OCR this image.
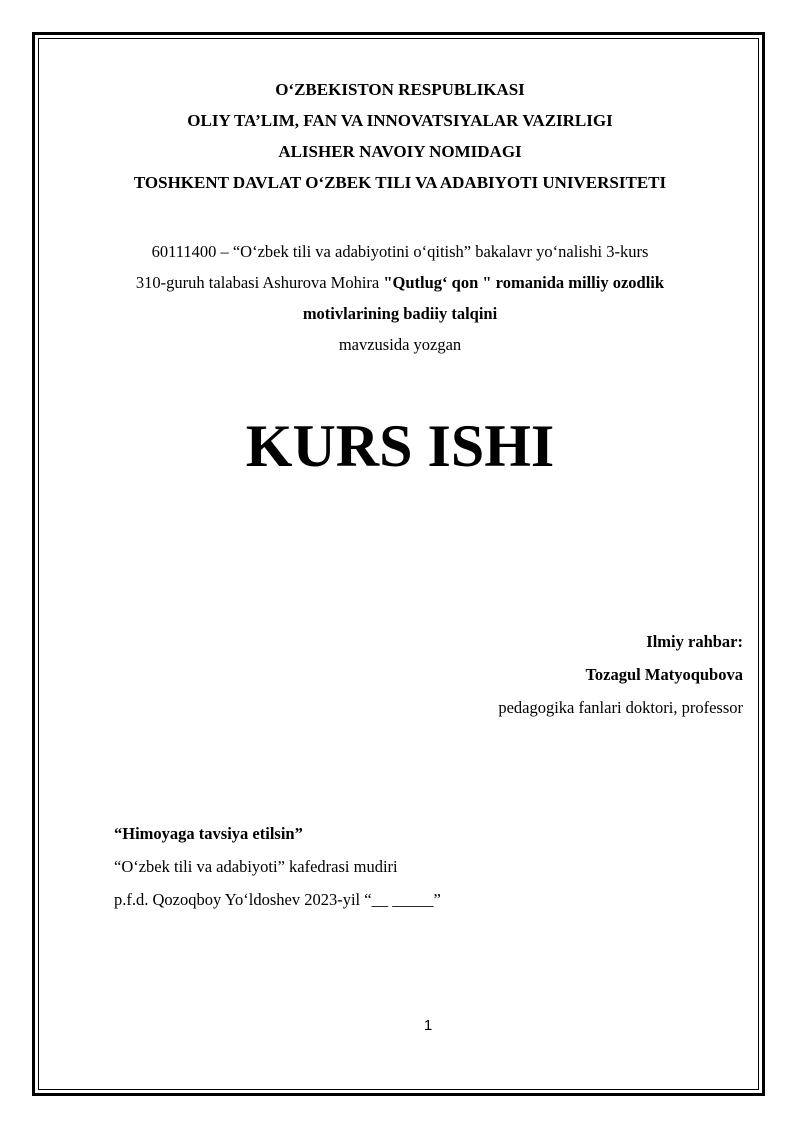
O‘ZBEKISTON RESPUBLIKASI
OLIY TA’LIM, FAN VA INNOVATSIYALAR VAZIRLIGI
ALISHER NAVOIY NOMIDAGI
TOSHKENT DAVLAT O‘ZBEK TILI VA ADABIYOTI UNIVERSITETI
60111400 – “O‘zbek tili va adabiyotini o‘qitish” bakalavr yo‘nalishi 3-kurs
310-guruh talabasi Ashurova Mohira "Qutlug‘ qon " romanida milliy ozodlik
motivlarining badiiy talqini
mavzusida yozgan
KURS ISHI
Ilmiy rahbar:
Tozagul Matyoqubova
pedagogika fanlari doktori, professor
“Himoyaga tavsiya etilsin”
“O‘zbek tili va adabiyoti” kafedrasi mudiri
p.f.d. Qozoqboy Yo‘ldoshev 2023-yil “__ _____”
1
